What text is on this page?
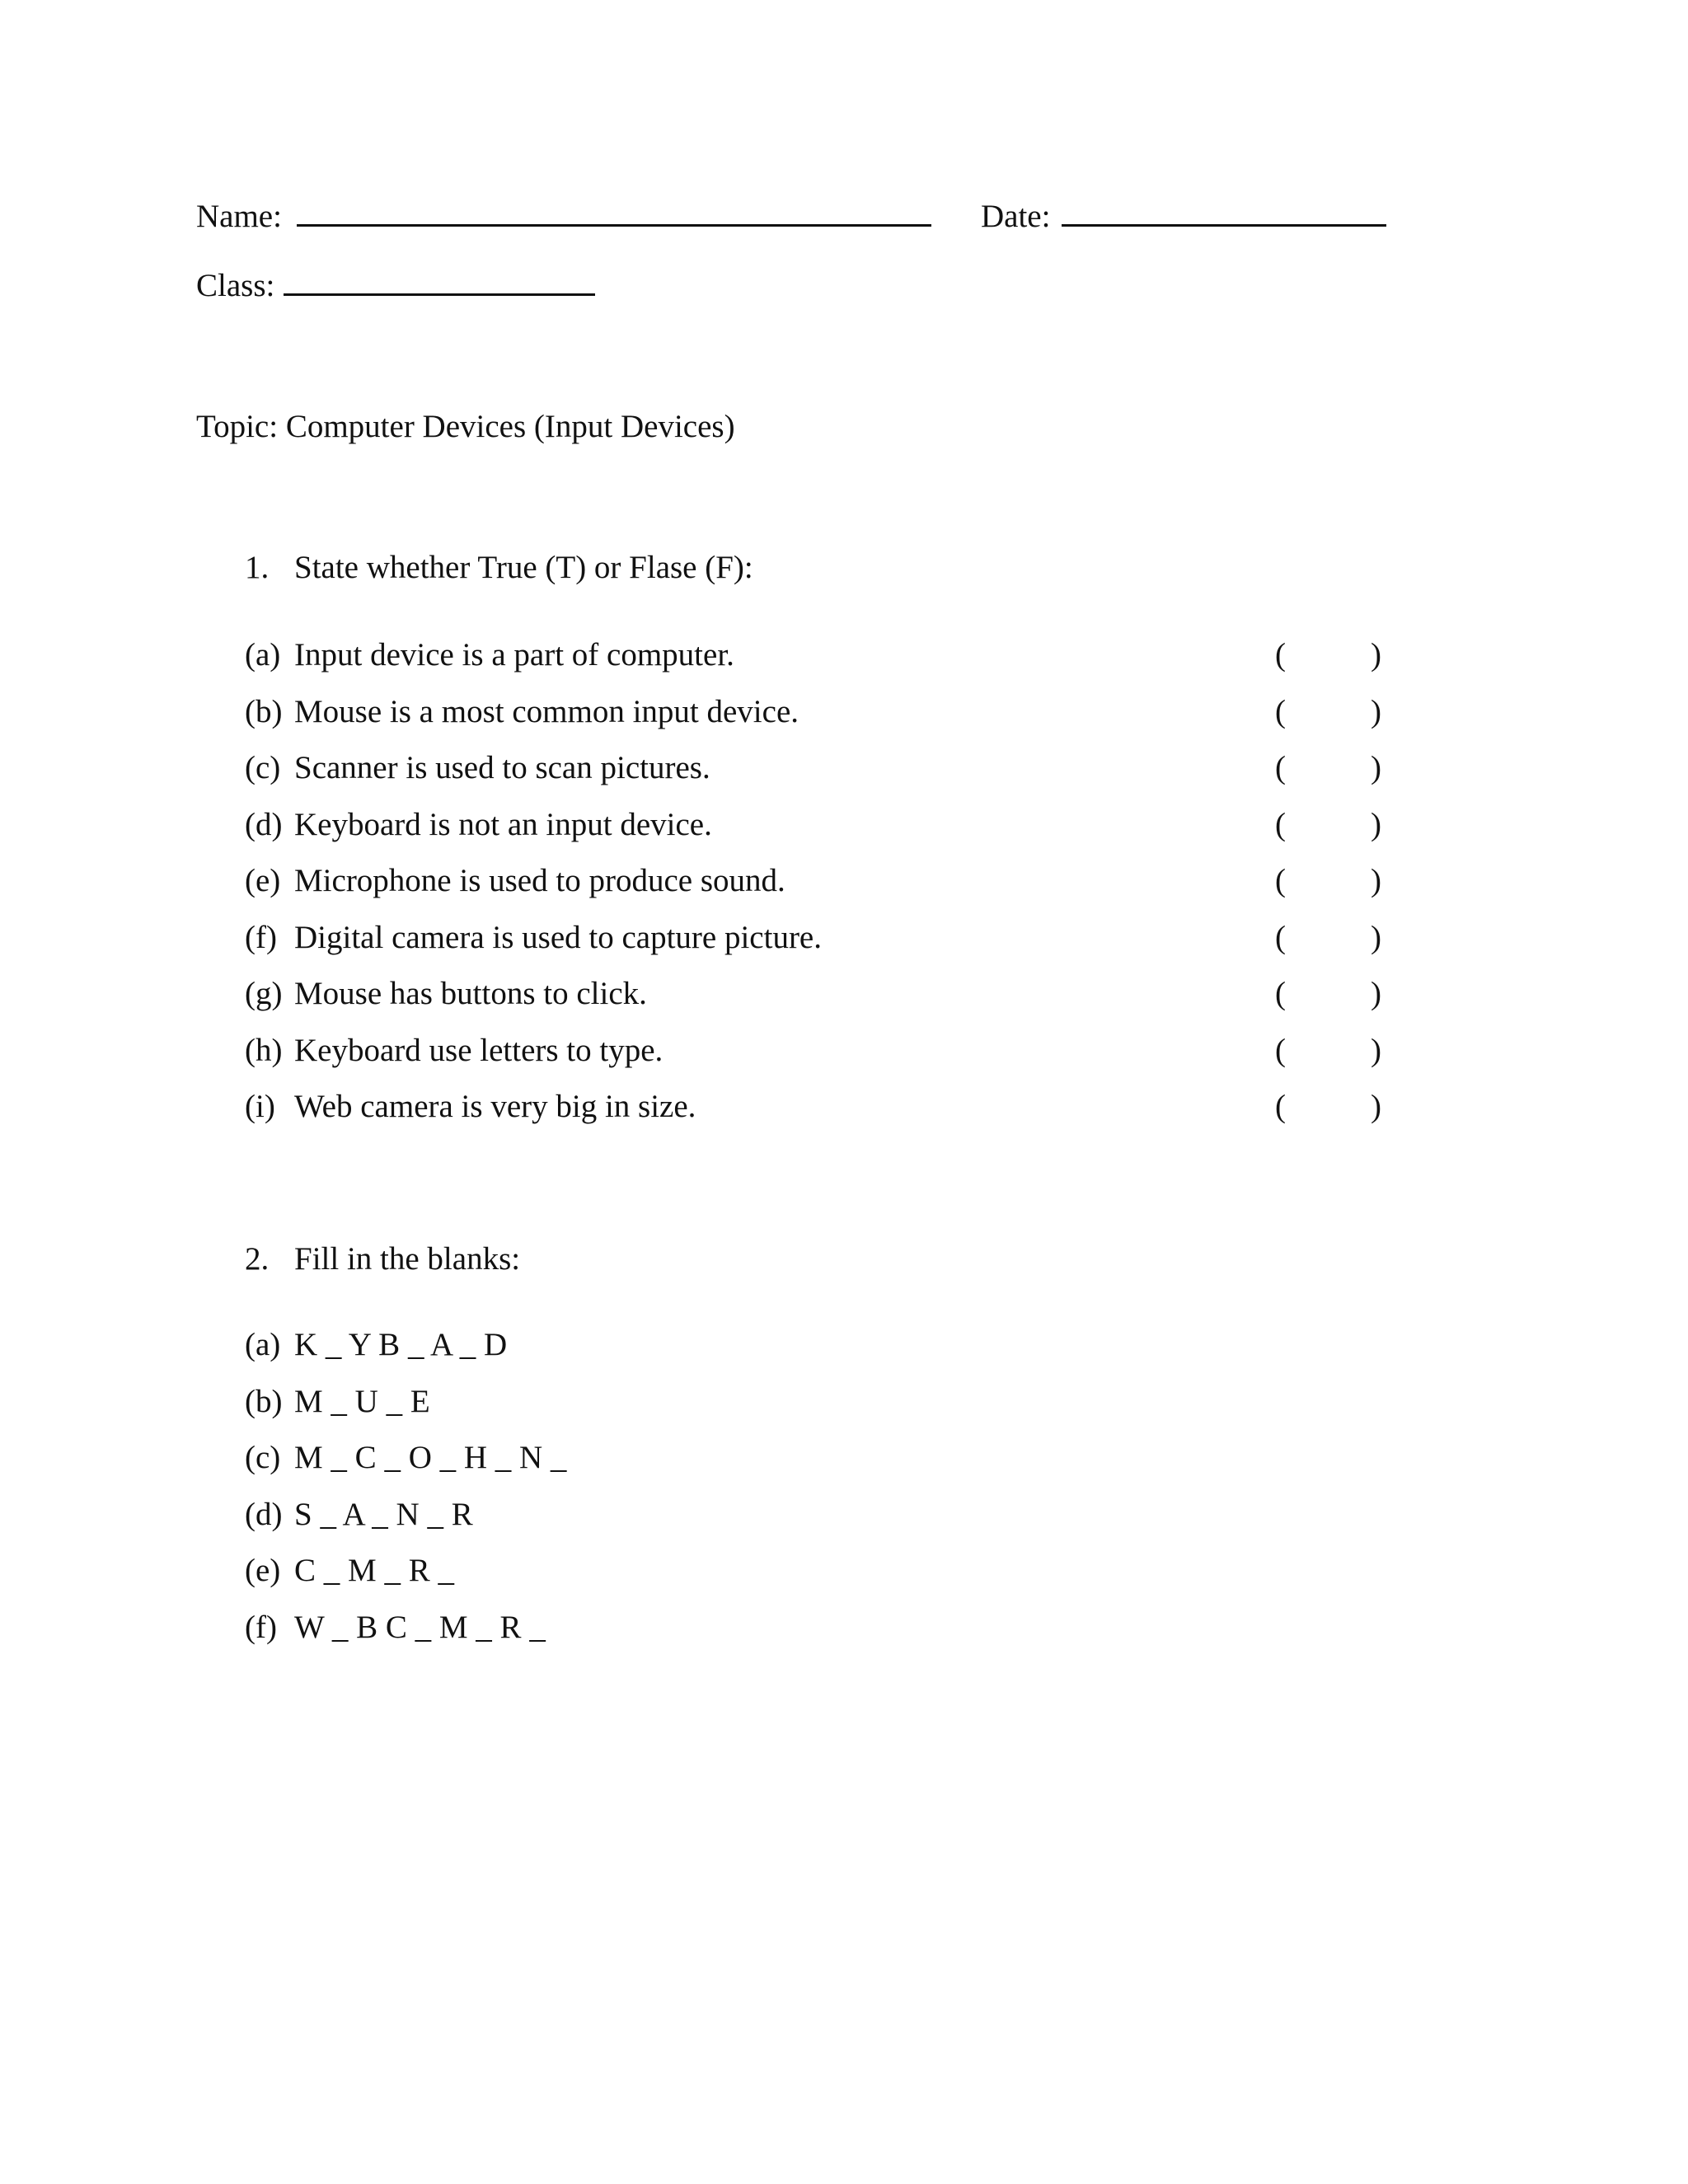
Name:	Date:
Class:
Topic: Computer Devices (Input Devices)
1. State whether True (T) or Flase (F):
(a) Input device is a part of computer.	(	)
(b) Mouse is a most common input device.	(	)
(c) Scanner is used to scan pictures.	(	)
(d) Keyboard is not an input device.	(	)
(e) Microphone is used to produce sound.	(	)
(f) Digital camera is used to capture picture.	(	)
(g) Mouse has buttons to click.	(	)
(h) Keyboard use letters to type.	(	)
(i) Web camera is very big in size.	(	)
2. Fill in the blanks:
(a) K _ Y B _ A _ D
(b) M _ U _ E
(c) M _ C _ O _ H _ N _
(d) S _ A _ N _ R
(e) C _ M _ R _
(f) W _ B C _ M _ R _
